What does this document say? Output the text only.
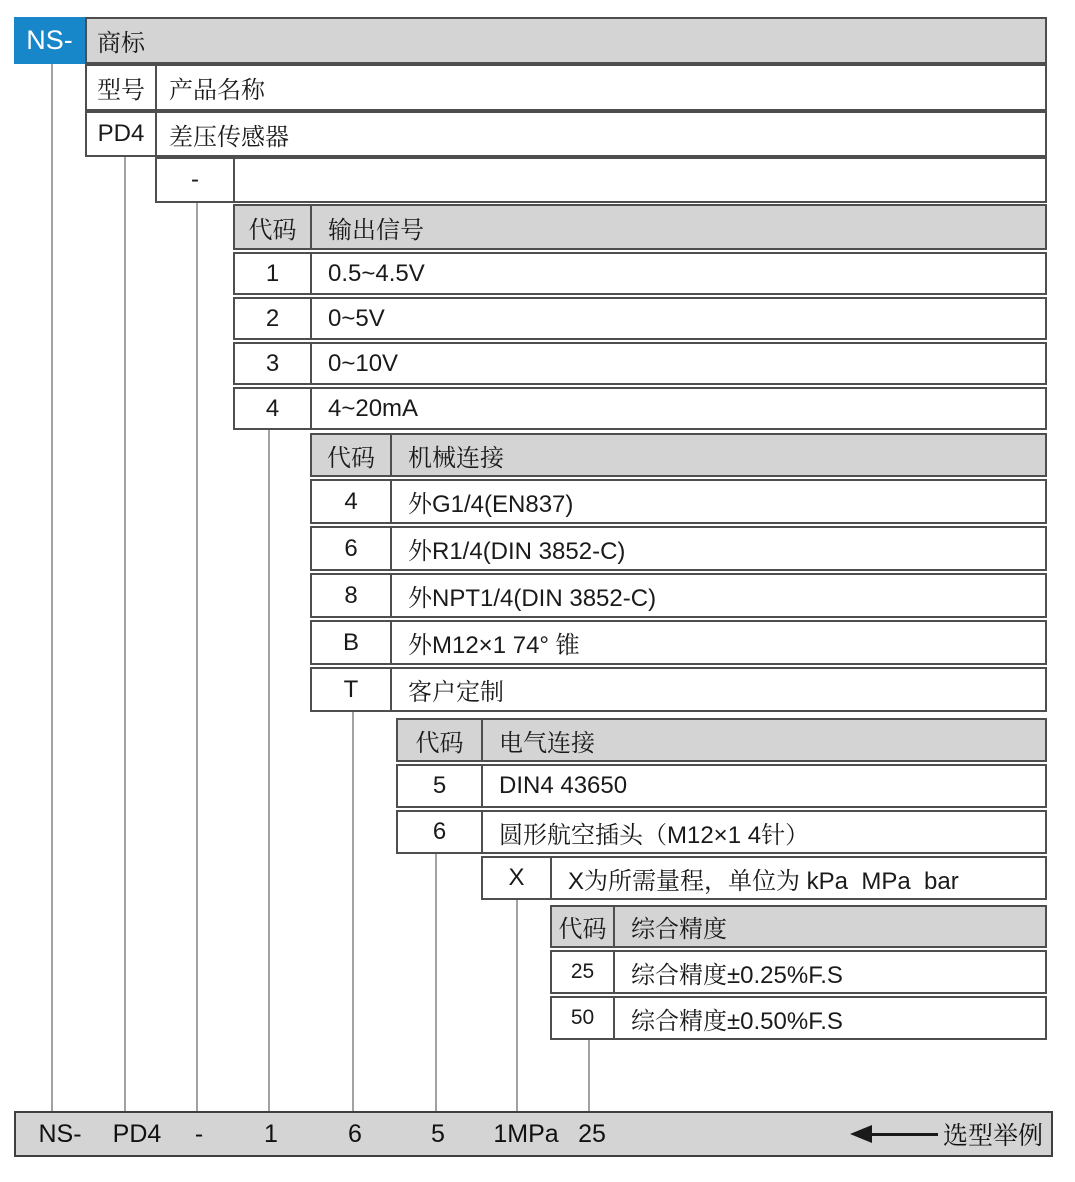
NS-	商标
型号	产品名称
PD4	差压传感器
-
代码	输出信号
1	0.5~4.5V
2	0~5V
3	0~10V
4	4~20mA
代码	机械连接
4	外G1/4(EN837)
6	外R1/4(DIN 3852-C)
8	外NPT1/4(DIN 3852-C)
B	外M12×1 74° 锥
T	客户定制
代码	电气连接
5	DIN4 43650
6	圆形航空插头（M12×1 4针）
X	X为所需量程，单位为 kPa  MPa  bar
代码	综合精度
25	综合精度±0.25%F.S
50	综合精度±0.50%F.S
NS- PD4 - 1	6	5 1MPa 25	选型举例
